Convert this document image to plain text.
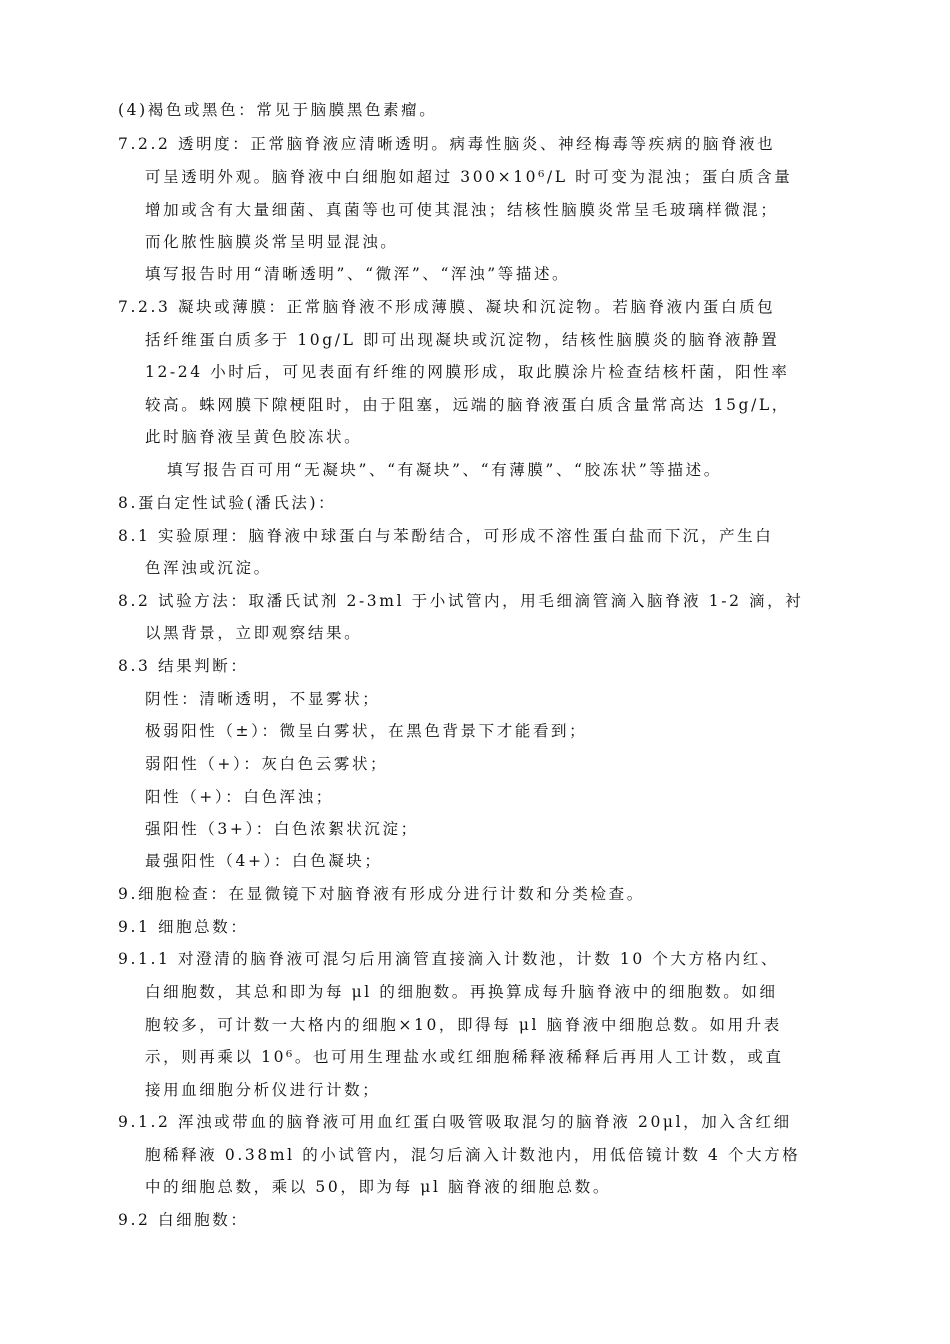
(4)褐色或黑色：常见于脑膜黑色素瘤。
7.2.2 透明度：正常脑脊液应清晰透明。病毒性脑炎、神经梅毒等疾病的脑脊液也
可呈透明外观。脑脊液中白细胞如超过 300×10⁶/L 时可变为混浊；蛋白质含量
增加或含有大量细菌、真菌等也可使其混浊；结核性脑膜炎常呈毛玻璃样微混；
而化脓性脑膜炎常呈明显混浊。
填写报告时用“清晰透明”、“微浑”、“浑浊”等描述。
7.2.3 凝块或薄膜：正常脑脊液不形成薄膜、凝块和沉淀物。若脑脊液内蛋白质包
括纤维蛋白质多于 10g/L 即可出现凝块或沉淀物，结核性脑膜炎的脑脊液静置
12-24 小时后，可见表面有纤维的网膜形成，取此膜涂片检查结核杆菌，阳性率
较高。蛛网膜下隙梗阻时，由于阻塞，远端的脑脊液蛋白质含量常高达 15g/L，
此时脑脊液呈黄色胶冻状。
填写报告百可用“无凝块”、“有凝块”、“有薄膜”、“胶冻状”等描述。
8.蛋白定性试验(潘氏法)：
8.1 实验原理：脑脊液中球蛋白与苯酚结合，可形成不溶性蛋白盐而下沉，产生白
色浑浊或沉淀。
8.2 试验方法：取潘氏试剂 2-3ml 于小试管内，用毛细滴管滴入脑脊液 1-2 滴，衬
以黑背景，立即观察结果。
8.3 结果判断：
阴性：清晰透明，不显雾状；
极弱阳性（±）：微呈白雾状，在黑色背景下才能看到；
弱阳性（+）：灰白色云雾状；
阳性（+）：白色浑浊；
强阳性（3+）：白色浓絮状沉淀；
最强阳性（4+）：白色凝块；
9.细胞检查：在显微镜下对脑脊液有形成分进行计数和分类检查。
9.1 细胞总数：
9.1.1 对澄清的脑脊液可混匀后用滴管直接滴入计数池，计数 10 个大方格内红、
白细胞数，其总和即为每 μl 的细胞数。再换算成每升脑脊液中的细胞数。如细
胞较多，可计数一大格内的细胞×10，即得每 μl 脑脊液中细胞总数。如用升表
示，则再乘以 10⁶。也可用生理盐水或红细胞稀释液稀释后再用人工计数，或直
接用血细胞分析仪进行计数；
9.1.2 浑浊或带血的脑脊液可用血红蛋白吸管吸取混匀的脑脊液 20μl，加入含红细
胞稀释液 0.38ml 的小试管内，混匀后滴入计数池内，用低倍镜计数 4 个大方格
中的细胞总数，乘以 50，即为每 μl 脑脊液的细胞总数。
9.2 白细胞数：
